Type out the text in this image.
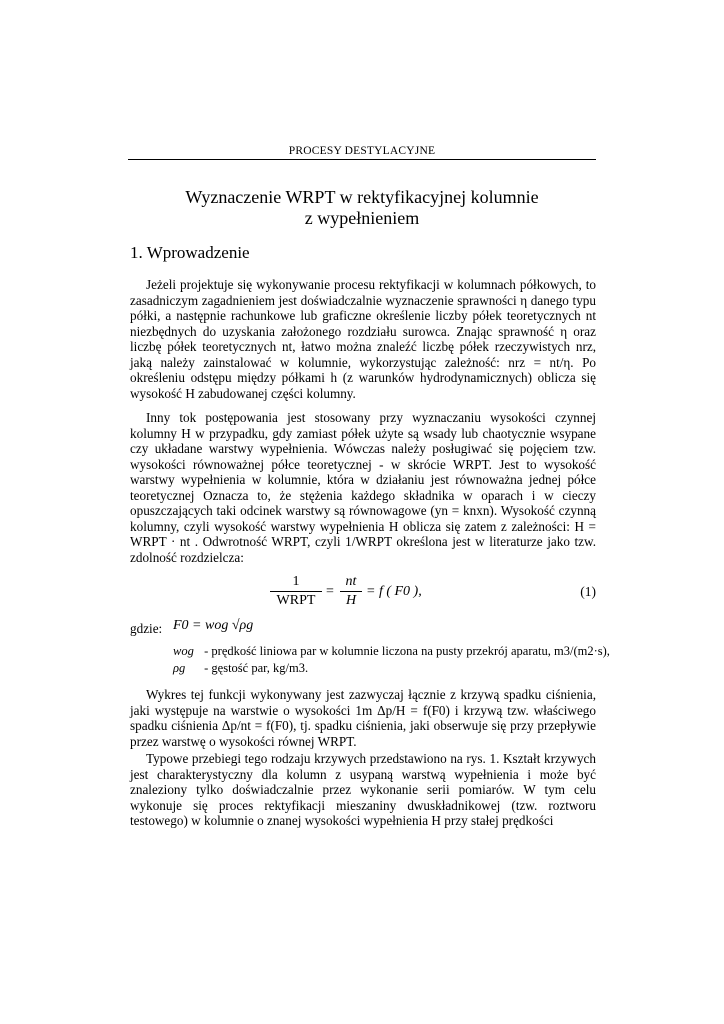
PROCESY DESTYLACYJNE
Wyznaczenie WRPT w rektyfikacyjnej kolumnie
z wypełnieniem
1. Wprowadzenie

Jeżeli projektuje się wykonywanie procesu rektyfikacji w kolumnach półkowych, to zasadniczym zagadnieniem jest doświadczalnie wyznaczenie sprawności η danego typu półki, a następnie rachunkowe lub graficzne określenie liczby półek teoretycznych nt niezbędnych do uzyskania założonego rozdziału surowca. Znając sprawność η oraz liczbę półek teoretycznych nt, łatwo można znaleźć liczbę półek rzeczywistych nrz, jaką należy zainstalować w kolumnie, wykorzystując zależność: nrz = nt/η. Po określeniu odstępu między półkami h (z warunków hydrodynamicznych) oblicza się wysokość H zabudowanej części kolumny.

Inny tok postępowania jest stosowany przy wyznaczaniu wysokości czynnej kolumny H w przypadku, gdy zamiast półek użyte są wsady lub chaotycznie wsypane czy układane warstwy wypełnienia. Wówczas należy posługiwać się pojęciem tzw. wysokości równoważnej półce teoretycznej - w skrócie WRPT. Jest to wysokość warstwy wypełnienia w kolumnie, która w działaniu jest równoważna jednej półce teoretycznej Oznacza to, że stężenia każdego składnika w oparach i w cieczy opuszczających taki odcinek warstwy są równowagowe (yn = knxn). Wysokość czynną kolumny, czyli wysokość warstwy wypełnienia H oblicza się zatem z zależności: H = WRPT · nt . Odwrotność WRPT, czyli 1/WRPT określona jest w literaturze jako tzw. zdolność rozdzielcza:

1
WRPT
=
nt
H
= f ( F0 ),	(1)
gdzie: F0 = wog √ρg
wog - prędkość liniowa par w kolumnie liczona na pusty przekrój aparatu, m3/(m2·s),
ρg - gęstość par, kg/m3.

Wykres tej funkcji wykonywany jest zazwyczaj łącznie z krzywą spadku ciśnienia, jaki występuje na warstwie o wysokości 1m Δp/H = f(F0) i krzywą tzw. właściwego spadku ciśnienia Δp/nt = f(F0), tj. spadku ciśnienia, jaki obserwuje się przy przepływie przez warstwę o wysokości równej WRPT.

Typowe przebiegi tego rodzaju krzywych przedstawiono na rys. 1. Kształt krzywych jest charakterystyczny dla kolumn z usypaną warstwą wypełnienia i może być znaleziony tylko doświadczalnie przez wykonanie serii pomiarów. W tym celu wykonuje się proces rektyfikacji mieszaniny dwuskładnikowej (tzw. roztworu testowego) w kolumnie o znanej wysokości wypełnienia H przy stałej prędkości
